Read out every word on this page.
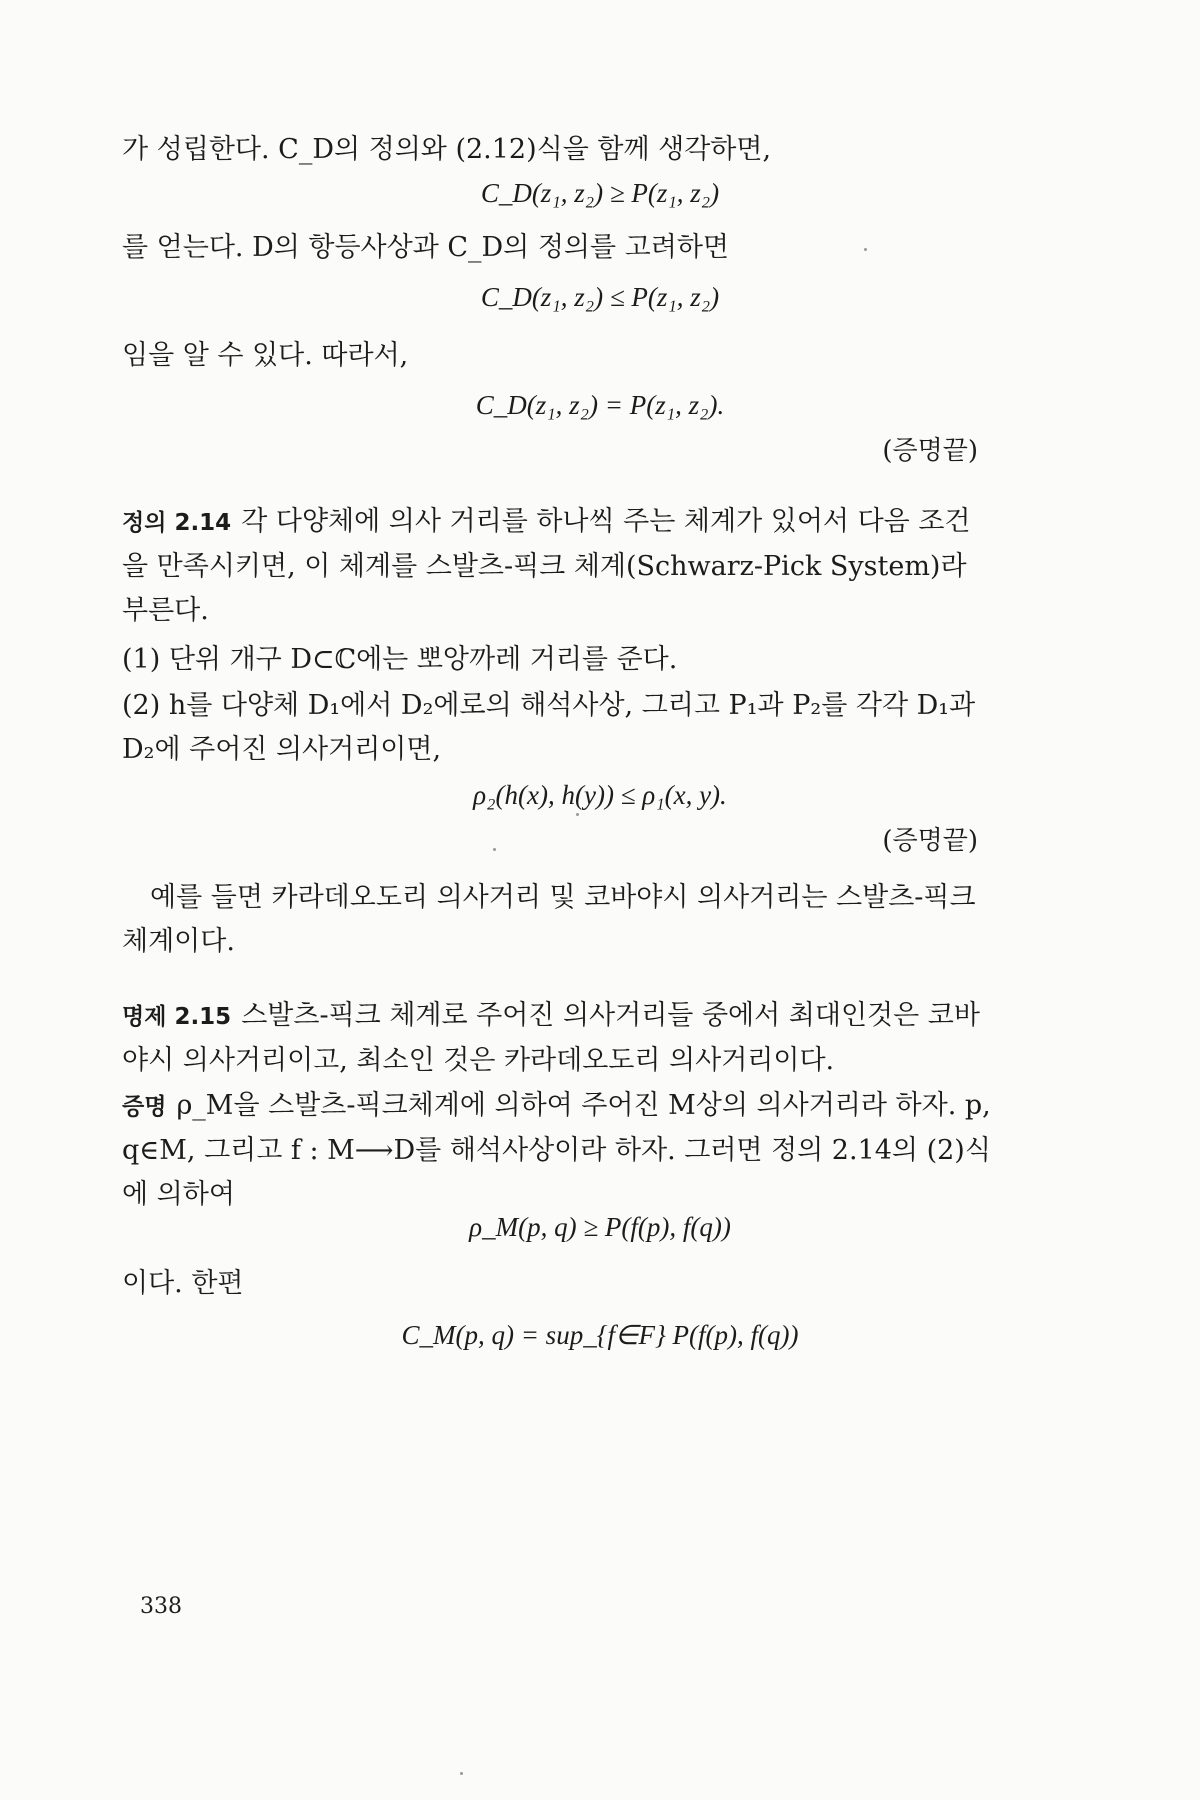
가 성립한다. C_D의 정의와 (2.12)식을 함께 생각하면,
C_D(z₁, z₂) ≥ P(z₁, z₂)
를 얻는다. D의 항등사상과 C_D의 정의를 고려하면
C_D(z₁, z₂) ≤ P(z₁, z₂)
임을 알 수 있다. 따라서,
C_D(z₁, z₂) = P(z₁, z₂).
(증명끝)
정의 2.14 각 다양체에 의사 거리를 하나씩 주는 체계가 있어서 다음 조건을 만족시키면, 이 체계를 스발츠-픽크 체계(Schwarz-Pick System)라 부른다.
(1) 단위 개구 D⊂ℂ에는 뽀앙까레 거리를 준다.
(2) h를 다양체 D₁에서 D₂에로의 해석사상, 그리고 P₁과 P₂를 각각 D₁과 D₂에 주어진 의사거리이면,
ρ₂(h(x), h(y)) ≤ ρ₁(x, y).
(증명끝)
예를 들면 카라데오도리 의사거리 및 코바야시 의사거리는 스발츠-픽크 체계이다.
명제 2.15 스발츠-픽크 체계로 주어진 의사거리들 중에서 최대인것은 코바야시 의사거리이고, 최소인 것은 카라데오도리 의사거리이다.
증명 ρ_M을 스발츠-픽크체계에 의하여 주어진 M상의 의사거리라 하자. p, q∈M, 그리고 f : M⟶D를 해석사상이라 하자. 그러면 정의 2.14의 (2)식에 의하여
ρ_M(p, q) ≥ P(f(p), f(q))
이다. 한편
C_M(p, q) = sup_{f∈F} P(f(p), f(q))
338
